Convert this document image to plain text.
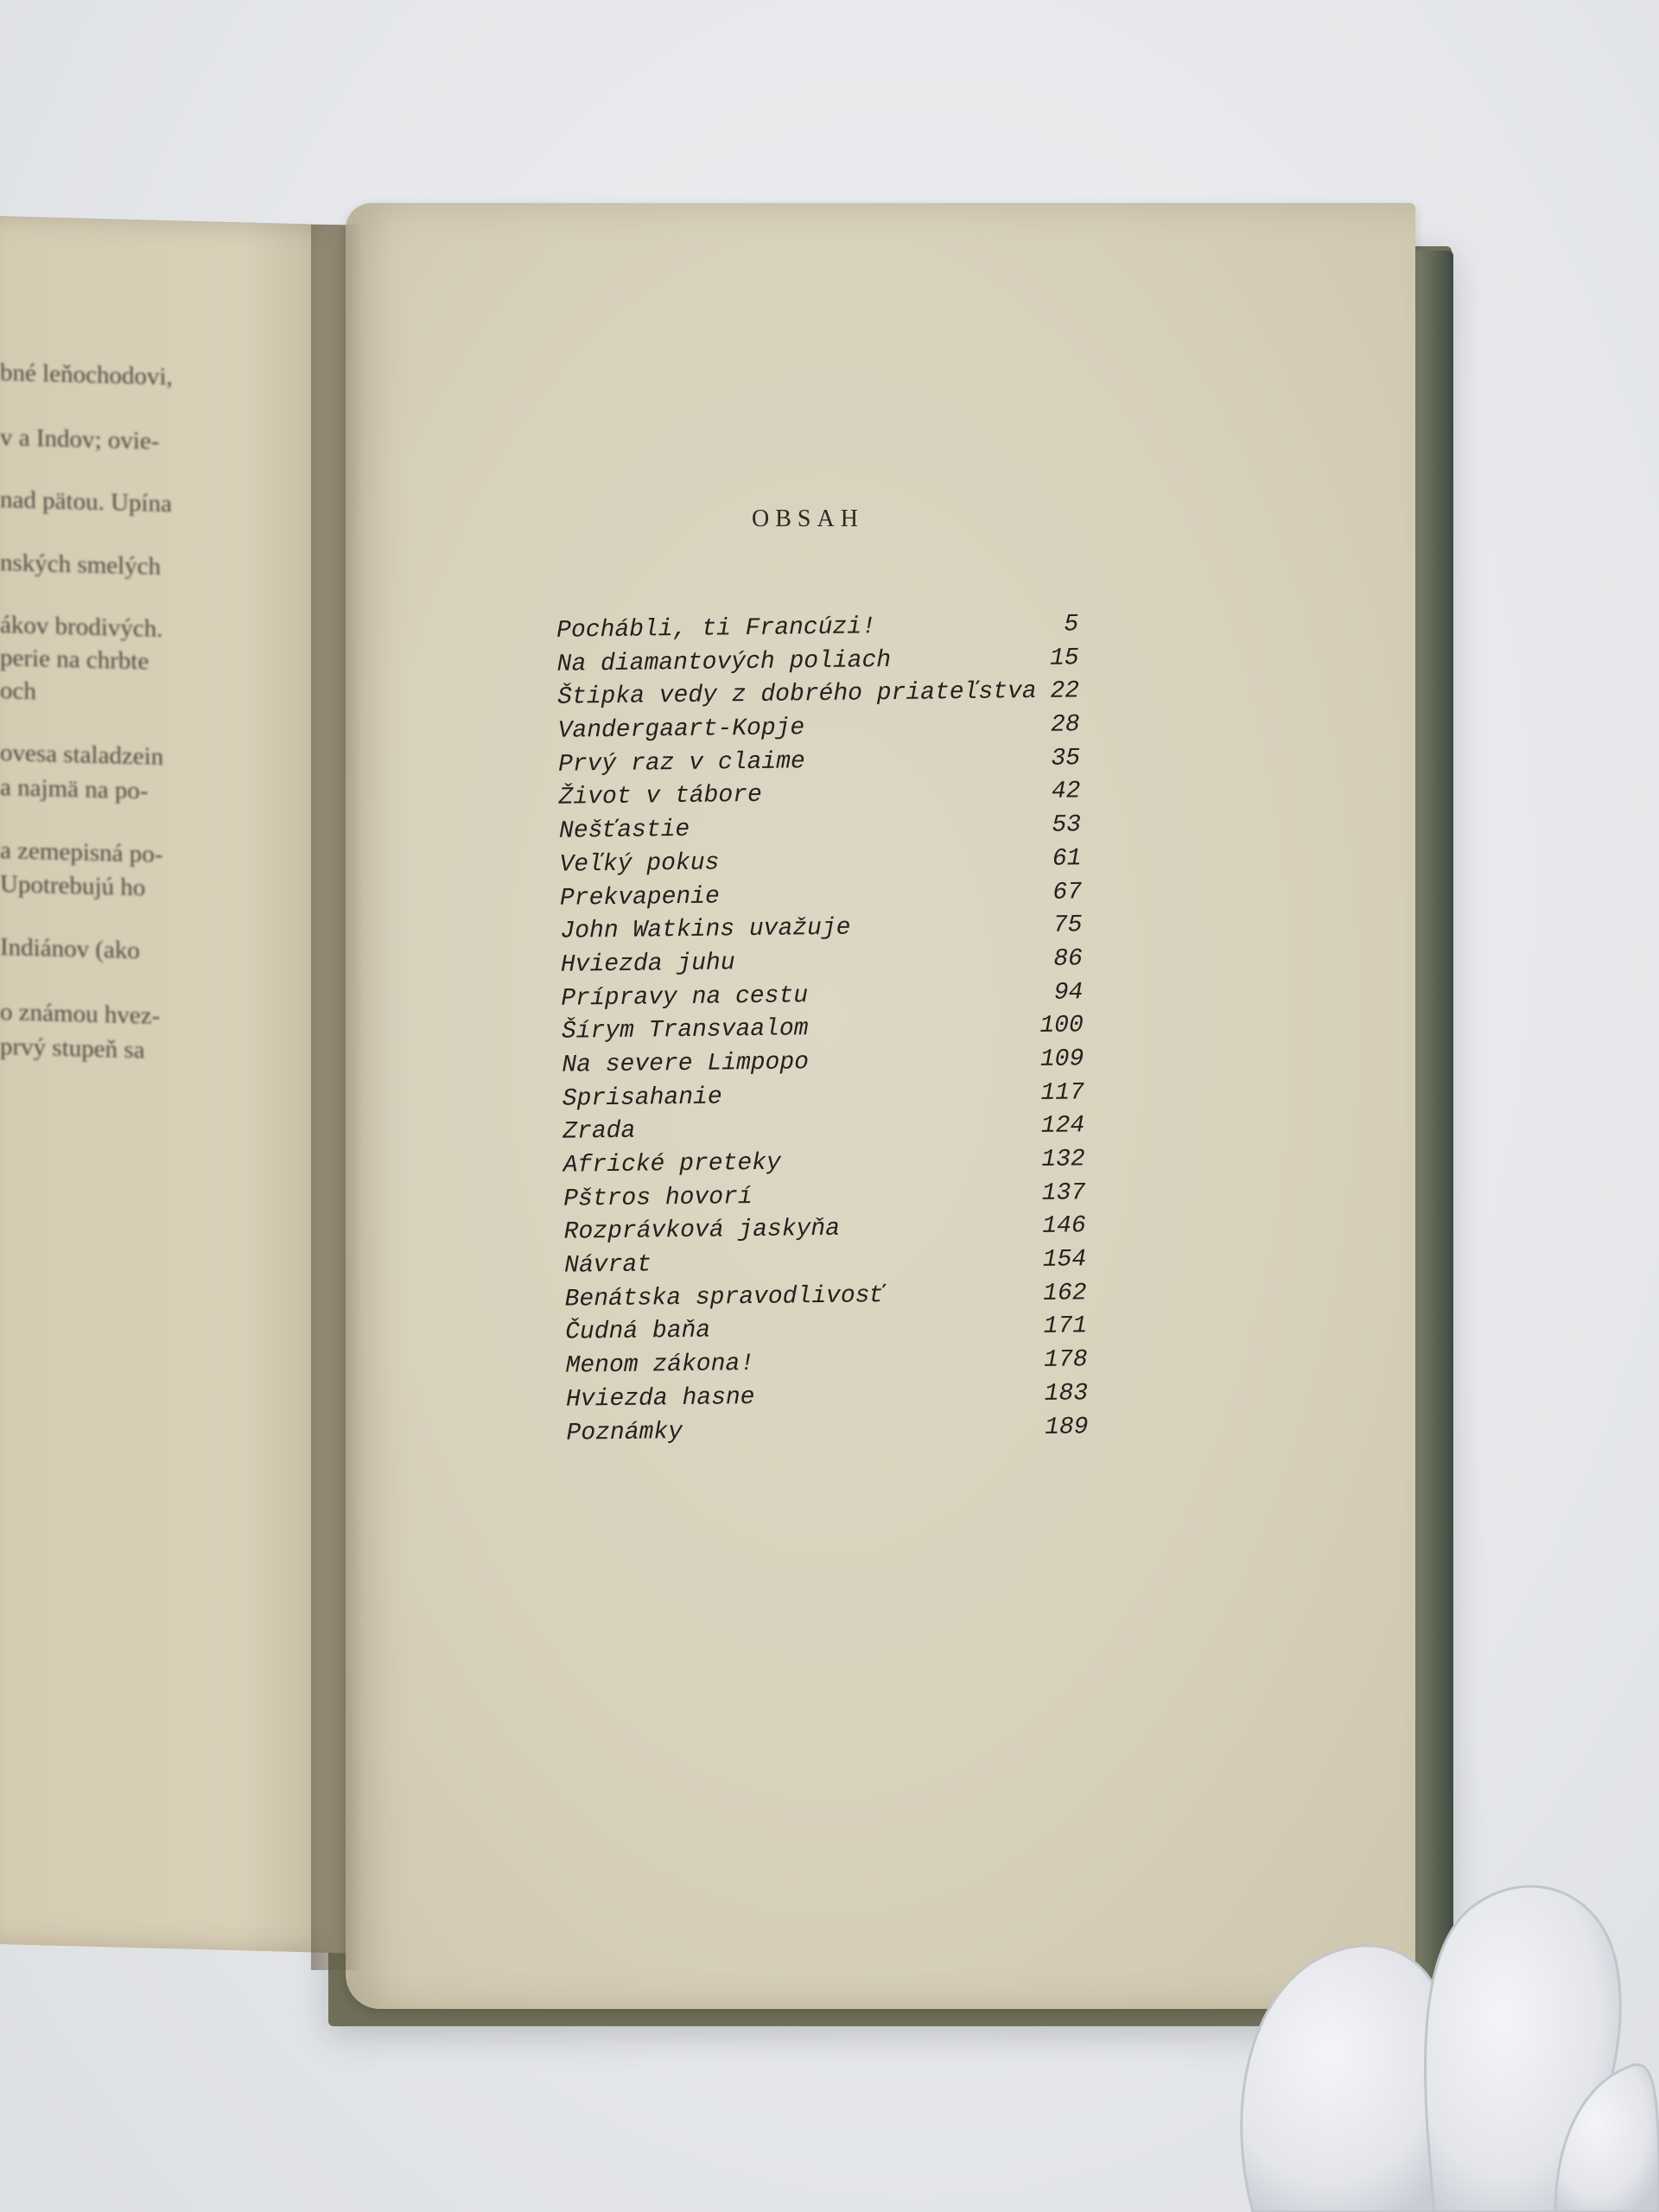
bné leňochodovi,
v a Indov; ovie-
nad pätou. Upína
nských smelých
ákov brodivých.
perie na chrbte
och
ovesa staladzein
a najmä na po-
a zemepisná po-
Upotrebujú ho
Indiánov (ako
o známou hvez-
prvý stupeň sa
OBSAH
Pochábli, ti Francúzi!	5
Na diamantových poliach	15
Štipka vedy z dobrého priateľstva 22
Vandergaart-Kopje	28
Prvý raz v claime	35
Život v tábore	42
Nešťastie	53
Veľký pokus	61
Prekvapenie	67
John Watkins uvažuje	75
Hviezda juhu	86
Prípravy na cestu	94
Šírym Transvaalom	100
Na severe Limpopo	109
Sprisahanie	117
Zrada	124
Africké preteky	132
Pštros hovorí	137
Rozprávková jaskyňa	146
Návrat	154
Benátska spravodlivosť	162
Čudná baňa	171
Menom zákona!	178
Hviezda hasne	183
Poznámky	189
